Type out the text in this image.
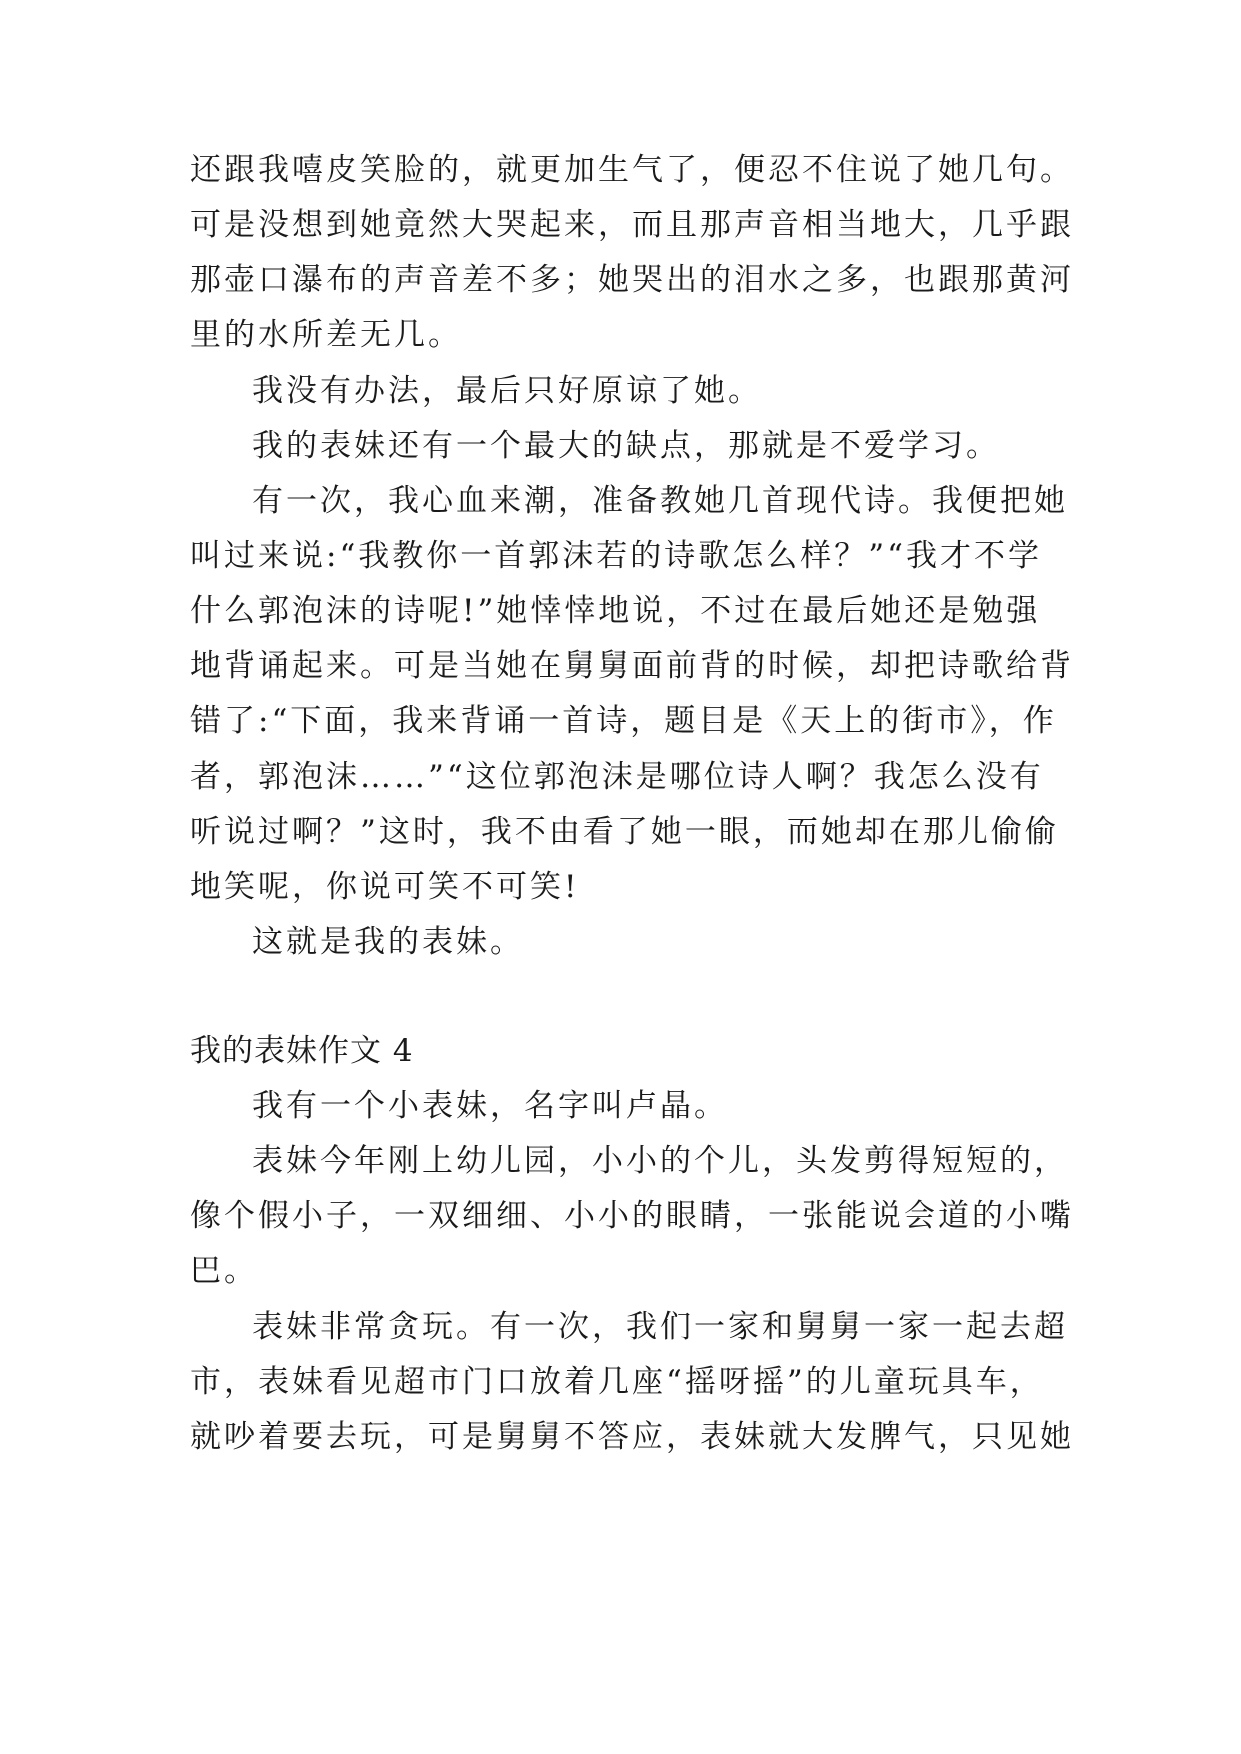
还跟我嘻皮笑脸的，就更加生气了，便忍不住说了她几句。

可是没想到她竟然大哭起来，而且那声音相当地大，几乎跟

那壶口瀑布的声音差不多；她哭出的泪水之多，也跟那黄河

里的水所差无几。

我没有办法，最后只好原谅了她。

我的表妹还有一个最大的缺点，那就是不爱学习。

有一次，我心血来潮，准备教她几首现代诗。我便把她

叫过来说:“我教你一首郭沫若的诗歌怎么样？”“我才不学

什么郭泡沫的诗呢!”她悻悻地说，不过在最后她还是勉强

地背诵起来。可是当她在舅舅面前背的时候，却把诗歌给背

错了:“下面，我来背诵一首诗，题目是《天上的街市》，作

者，郭泡沫……”“这位郭泡沫是哪位诗人啊？我怎么没有

听说过啊？”这时，我不由看了她一眼，而她却在那儿偷偷

地笑呢，你说可笑不可笑!

这就是我的表妹。

我的表妹作文 4

我有一个小表妹，名字叫卢晶。

表妹今年刚上幼儿园，小小的个儿，头发剪得短短的，

像个假小子，一双细细、小小的眼睛，一张能说会道的小嘴

巴。

表妹非常贪玩。有一次，我们一家和舅舅一家一起去超

市，表妹看见超市门口放着几座“摇呀摇”的儿童玩具车，

就吵着要去玩，可是舅舅不答应，表妹就大发脾气，只见她
